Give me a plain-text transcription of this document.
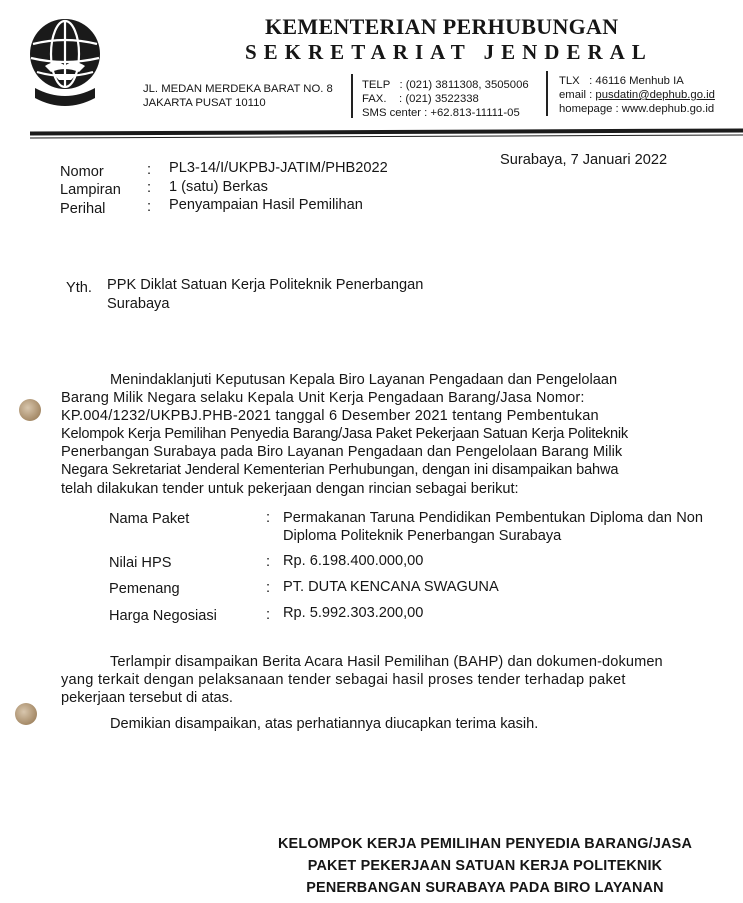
KEMENTERIAN PERHUBUNGAN
SEKRETARIAT JENDERAL
JL. MEDAN MERDEKA BARAT NO. 8
JAKARTA PUSAT 10110
TELP   : (021) 3811308, 3505006
FAX.    : (021) 3522338
SMS center : +62.813-11111-05
TLX   : 46116 Menhub IA
email : pusdatin@dephub.go.id
homepage : www.dephub.go.id
Nomor	: PL3-14/I/UKPBJ-JATIM/PHB2022
Lampiran : 1 (satu) Berkas
Perihal	: Penyampaian Hasil Pemilihan
Surabaya, 7 Januari 2022
Yth. PPK Diklat Satuan Kerja Politeknik Penerbangan
Surabaya
Menindaklanjuti Keputusan Kepala Biro Layanan Pengadaan dan Pengelolaan
Barang Milik Negara selaku Kepala Unit Kerja Pengadaan Barang/Jasa Nomor:
KP.004/1232/UKPBJ.PHB-2021 tanggal 6 Desember 2021 tentang Pembentukan
Kelompok Kerja Pemilihan Penyedia Barang/Jasa Paket Pekerjaan Satuan Kerja Politeknik
Penerbangan Surabaya pada Biro Layanan Pengadaan dan Pengelolaan Barang Milik
Negara Sekretariat Jenderal Kementerian Perhubungan, dengan ini disampaikan bahwa
telah dilakukan tender untuk pekerjaan dengan rincian sebagai berikut:
Nama Paket	: Permakanan Taruna Pendidikan Pembentukan Diploma dan Non Diploma Politeknik Penerbangan Surabaya
Nilai HPS	: Rp. 6.198.400.000,00
Pemenang	: PT. DUTA KENCANA SWAGUNA
Harga Negosiasi	: Rp. 5.992.303.200,00
Terlampir disampaikan Berita Acara Hasil Pemilihan (BAHP) dan dokumen-dokumen
yang terkait dengan pelaksanaan tender sebagai hasil proses tender terhadap paket
pekerjaan tersebut di atas.
Demikian disampaikan, atas perhatiannya diucapkan terima kasih.
KELOMPOK KERJA PEMILIHAN PENYEDIA BARANG/JASA
PAKET PEKERJAAN SATUAN KERJA POLITEKNIK
PENERBANGAN SURABAYA PADA BIRO LAYANAN
